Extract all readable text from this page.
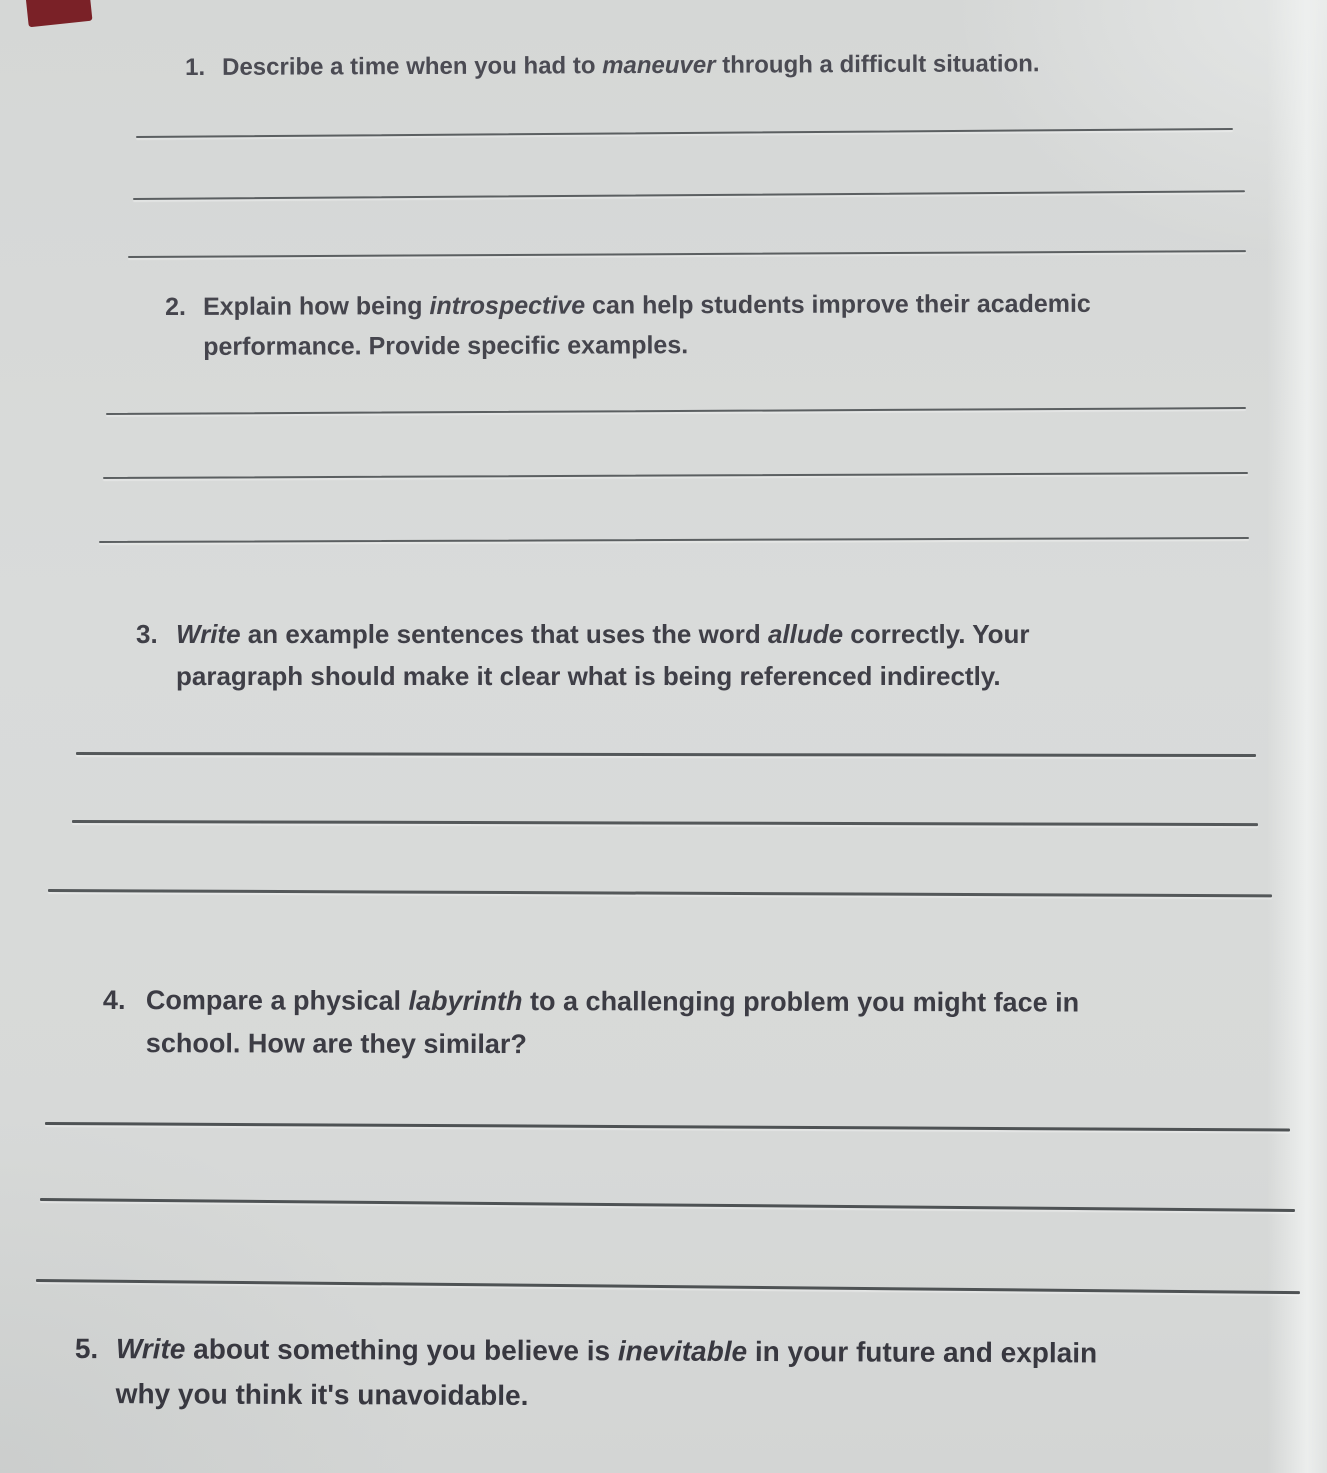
1. Describe a time when you had to maneuver through a difficult situation.
2. Explain how being introspective can help students improve their academic
performance. Provide specific examples.
3. Write an example sentences that uses the word allude correctly. Your
paragraph should make it clear what is being referenced indirectly.
4. Compare a physical labyrinth to a challenging problem you might face in
school. How are they similar?
5. Write about something you believe is inevitable in your future and explain
why you think it's unavoidable.
